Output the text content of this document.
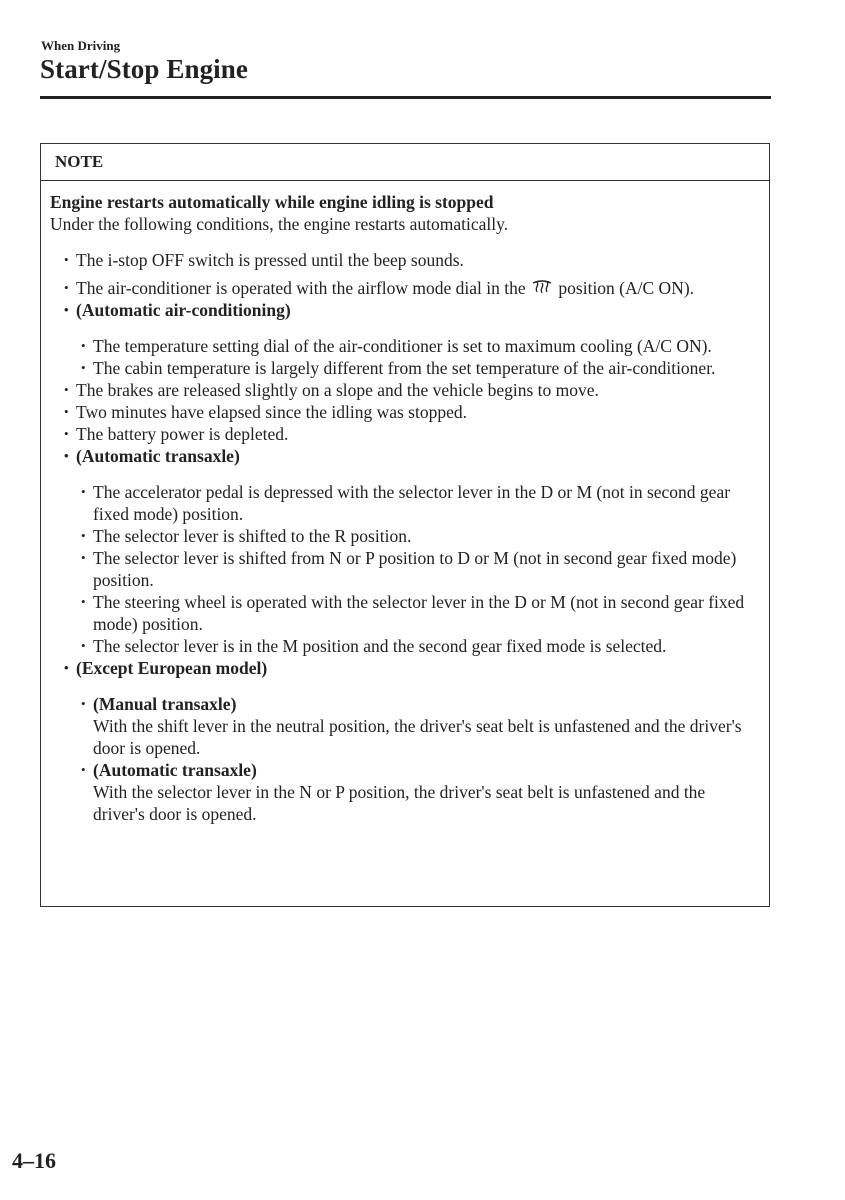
When Driving
Start/Stop Engine
NOTE
Engine restarts automatically while engine idling is stopped
Under the following conditions, the engine restarts automatically.
• The i-stop OFF switch is pressed until the beep sounds.
• The air-conditioner is operated with the airflow mode dial in the position (A/C ON).
• (Automatic air-conditioning)
• The temperature setting dial of the air-conditioner is set to maximum cooling (A/C ON).
• The cabin temperature is largely different from the set temperature of the air-conditioner.
• The brakes are released slightly on a slope and the vehicle begins to move.
• Two minutes have elapsed since the idling was stopped.
• The battery power is depleted.
• (Automatic transaxle)
• The accelerator pedal is depressed with the selector lever in the D or M (not in second gear fixed mode) position.
• The selector lever is shifted to the R position.
• The selector lever is shifted from N or P position to D or M (not in second gear fixed mode) position.
• The steering wheel is operated with the selector lever in the D or M (not in second gear fixed mode) position.
• The selector lever is in the M position and the second gear fixed mode is selected.
• (Except European model)
• (Manual transaxle)
With the shift lever in the neutral position, the driver's seat belt is unfastened and the driver's door is opened.
• (Automatic transaxle)
With the selector lever in the N or P position, the driver's seat belt is unfastened and the driver's door is opened.
4–16
